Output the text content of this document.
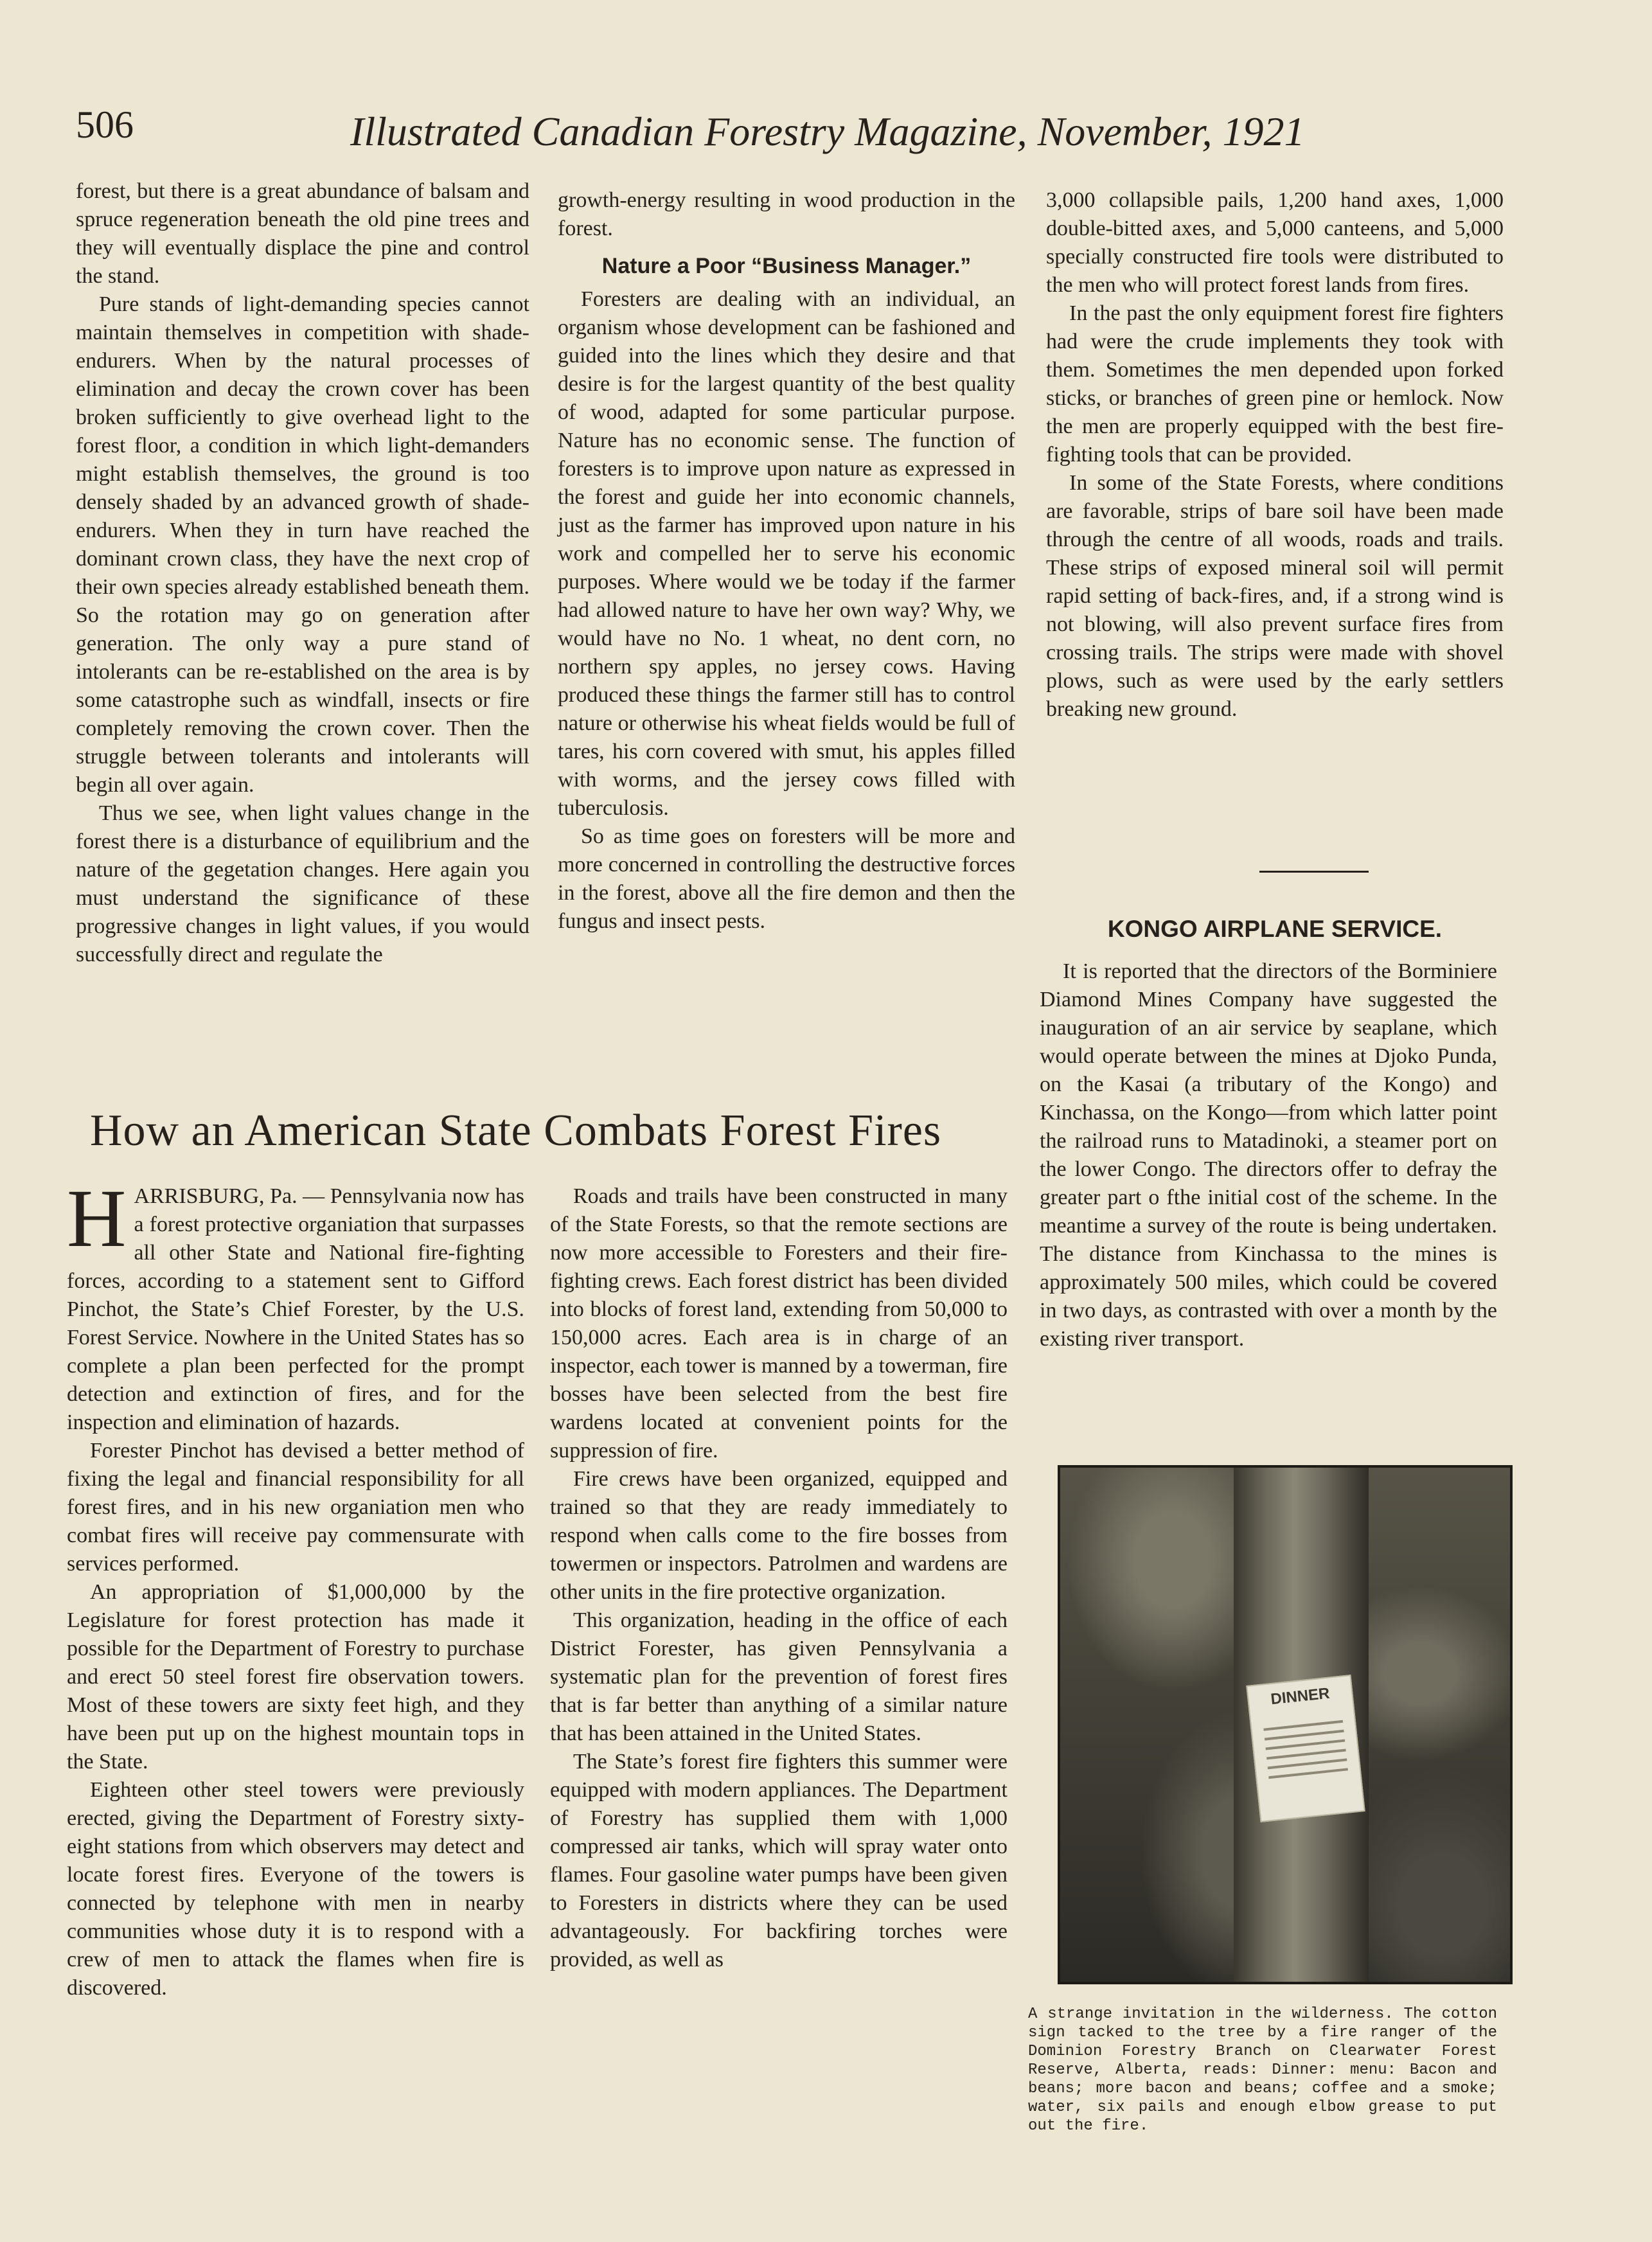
506	Illustrated Canadian Forestry Magazine, November, 1921

forest, but there is a great abundance of balsam and spruce regeneration beneath the old pine trees and they will eventually displace the pine and control the stand.

Pure stands of light-demanding species cannot maintain themselves in competition with shade-endurers. When by the natural processes of elimination and decay the crown cover has been broken sufficiently to give overhead light to the forest floor, a condition in which light-demanders might establish themselves, the ground is too densely shaded by an advanced growth of shade-endurers. When they in turn have reached the dominant crown class, they have the next crop of their own species already established beneath them. So the rotation may go on generation after generation. The only way a pure stand of intolerants can be re-established on the area is by some catastrophe such as windfall, insects or fire completely removing the crown cover. Then the struggle between tolerants and intolerants will begin all over again.

Thus we see, when light values change in the forest there is a disturbance of equilibrium and the nature of the gegetation changes. Here again you must understand the significance of these progressive changes in light values, if you would successfully direct and regulate the

growth-energy resulting in wood production in the forest.

Nature a Poor “Business Manager.”

Foresters are dealing with an individual, an organism whose development can be fashioned and guided into the lines which they desire and that desire is for the largest quantity of the best quality of wood, adapted for some particular purpose. Nature has no economic sense. The function of foresters is to improve upon nature as expressed in the forest and guide her into economic channels, just as the farmer has improved upon nature in his work and compelled her to serve his economic purposes. Where would we be today if the farmer had allowed nature to have her own way? Why, we would have no No. 1 wheat, no dent corn, no northern spy apples, no jersey cows. Having produced these things the farmer still has to control nature or otherwise his wheat fields would be full of tares, his corn covered with smut, his apples filled with worms, and the jersey cows filled with tuberculosis.

So as time goes on foresters will be more and more concerned in controlling the destructive forces in the forest, above all the fire demon and then the fungus and insect pests.

3,000 collapsible pails, 1,200 hand axes, 1,000 double-bitted axes, and 5,000 canteens, and 5,000 specially constructed fire tools were distributed to the men who will protect forest lands from fires.

In the past the only equipment forest fire fighters had were the crude implements they took with them. Sometimes the men depended upon forked sticks, or branches of green pine or hemlock. Now the men are properly equipped with the best fire-fighting tools that can be provided.

In some of the State Forests, where conditions are favorable, strips of bare soil have been made through the centre of all woods, roads and trails. These strips of exposed mineral soil will permit rapid setting of back-fires, and, if a strong wind is not blowing, will also prevent surface fires from crossing trails. The strips were made with shovel plows, such as were used by the early settlers breaking new ground.

How an American State Combats Forest Fires

HARRISBURG, Pa. — Pennsylvania now has a forest protective organiation that surpasses all other State and National fire-fighting forces, according to a statement sent to Gifford Pinchot, the State’s Chief Forester, by the U.S. Forest Service. Nowhere in the United States has so complete a plan been perfected for the prompt detection and extinction of fires, and for the inspection and elimination of hazards.

Forester Pinchot has devised a better method of fixing the legal and financial responsibility for all forest fires, and in his new organiation men who combat fires will receive pay commensurate with services performed.

An appropriation of $1,000,000 by the Legislature for forest protection has made it possible for the Department of Forestry to purchase and erect 50 steel forest fire observation towers. Most of these towers are sixty feet high, and they have been put up on the highest mountain tops in the State.

Eighteen other steel towers were previously erected, giving the Department of Forestry sixty-eight stations from which observers may detect and locate forest fires. Everyone of the towers is connected by telephone with men in nearby communities whose duty it is to respond with a crew of men to attack the flames when fire is discovered.

Roads and trails have been constructed in many of the State Forests, so that the remote sections are now more accessible to Foresters and their fire-fighting crews. Each forest district has been divided into blocks of forest land, extending from 50,000 to 150,000 acres. Each area is in charge of an inspector, each tower is manned by a towerman, fire bosses have been selected from the best fire wardens located at convenient points for the suppression of fire.

Fire crews have been organized, equipped and trained so that they are ready immediately to respond when calls come to the fire bosses from towermen or inspectors. Patrolmen and wardens are other units in the fire protective organization.

This organization, heading in the office of each District Forester, has given Pennsylvania a systematic plan for the prevention of forest fires that is far better than anything of a similar nature that has been attained in the United States.

The State’s forest fire fighters this summer were equipped with modern appliances. The Department of Forestry has supplied them with 1,000 compressed air tanks, which will spray water onto flames. Four gasoline water pumps have been given to Foresters in districts where they can be used advantageously. For backfiring torches were provided, as well as

KONGO AIRPLANE SERVICE.

It is reported that the directors of the Borminiere Diamond Mines Company have suggested the inauguration of an air service by seaplane, which would operate between the mines at Djoko Punda, on the Kasai (a tributary of the Kongo) and Kinchassa, on the Kongo—from which latter point the railroad runs to Matadinoki, a steamer port on the lower Congo. The directors offer to defray the greater part o fthe initial cost of the scheme. In the meantime a survey of the route is being undertaken. The distance from Kinchassa to the mines is approximately 500 miles, which could be covered in two days, as contrasted with over a month by the existing river transport.

DINNER
A strange invitation in the wilderness. The cotton sign tacked to the tree by a fire ranger of the Dominion Forestry Branch on Clearwater Forest Reserve, Alberta, reads: Dinner: menu: Bacon and beans; more bacon and beans; coffee and a smoke; water, six pails and enough elbow grease to put out the fire.
